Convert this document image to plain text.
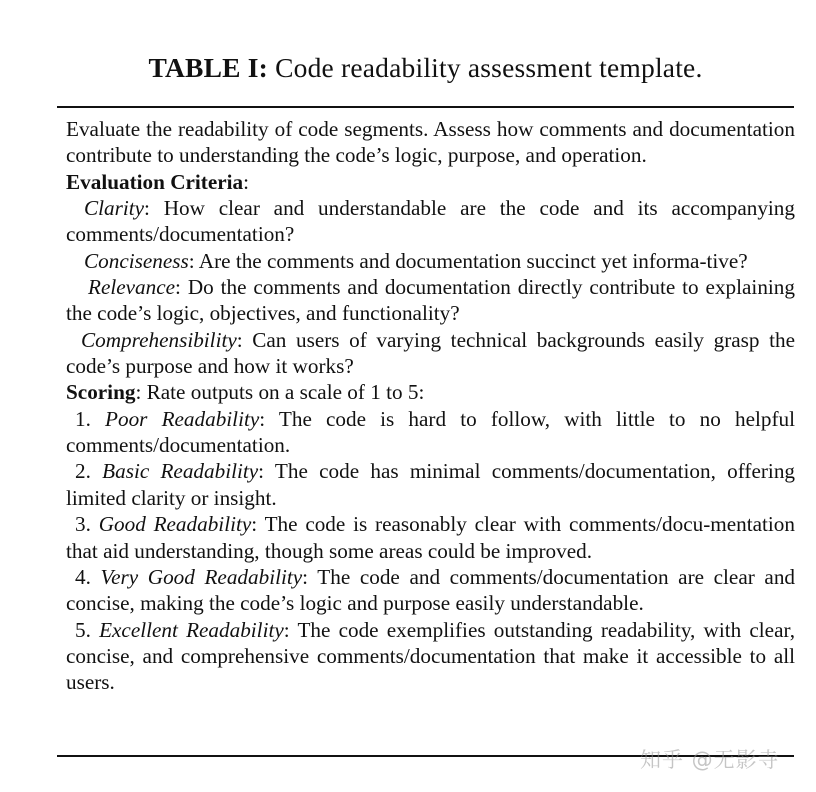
TABLE I: Code readability assessment template.
Evaluate the readability of code segments. Assess how comments and documentation contribute to understanding the code’s logic, purpose, and operation.
Evaluation Criteria:
Clarity: How clear and understandable are the code and its accompanying comments/documentation?
Conciseness: Are the comments and documentation succinct yet informa-tive?
Relevance: Do the comments and documentation directly contribute to explaining the code’s logic, objectives, and functionality?
Comprehensibility: Can users of varying technical backgrounds easily grasp the code’s purpose and how it works?
Scoring: Rate outputs on a scale of 1 to 5:
1. Poor Readability: The code is hard to follow, with little to no helpful comments/documentation.
2. Basic Readability: The code has minimal comments/documentation, offering limited clarity or insight.
3. Good Readability: The code is reasonably clear with comments/docu-mentation that aid understanding, though some areas could be improved.
4. Very Good Readability: The code and comments/documentation are clear and concise, making the code’s logic and purpose easily understandable.
5. Excellent Readability: The code exemplifies outstanding readability, with clear, concise, and comprehensive comments/documentation that make it accessible to all users.
知乎 @无影寺
